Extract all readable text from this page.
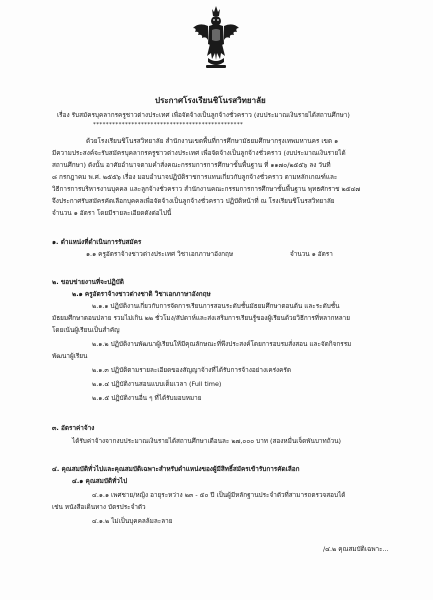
ประกาศโรงเรียนชิโนรสวิทยาลัย
เรื่อง รับสมัครบุคลากรครูชาวต่างประเทศ เพื่อจัดจ้างเป็นลูกจ้างชั่วคราว (งบประมาณเงินรายได้สถานศึกษา)
***********************************************
ด้วยโรงเรียนชิโนรสวิทยาลัย สำนักงานเขตพื้นที่การศึกษามัธยมศึกษากรุงเทพมหานคร เขต ๑
มีความประสงค์จะรับสมัครบุคลากรครูชาวต่างประเทศ เพื่อจัดจ้างเป็นลูกจ้างชั่วคราว (งบประมาณเงินรายได้
สถานศึกษา) ดังนั้น อาศัยอำนาจตามคำสั่งคณะกรรมการการศึกษาขั้นพื้นฐาน ที่ ๑๑๗๐/๒๕๕๖ ลง วันที่
๘ กรกฎาคม พ.ศ. ๒๕๕๖ เรื่อง มอบอำนาจปฏิบัติราชการแทนเกี่ยวกับลูกจ้างชั่วคราว ตามหลักเกณฑ์และ
วิธีการการบริหารงานบุคคล และลูกจ้างชั่วคราว สำนักงานคณะกรรมการการศึกษาขั้นพื้นฐาน พุทธศักราช ๒๕๔๗
จึงประกาศรับสมัครคัดเลือกบุคคลเพื่อจัดจ้างเป็นลูกจ้างชั่วคราว ปฏิบัติหน้าที่ ณ โรงเรียนชิโนรสวิทยาลัย
จำนวน ๑ อัตรา โดยมีรายละเอียดดังต่อไปนี้
๑. ตำแหน่งที่ดำเนินการรับสมัคร
๑.๑ ครูอัตราจ้างชาวต่างประเทศ วิชาเอกภาษาอังกฤษ	จำนวน ๑ อัตรา
๒. ขอบข่ายงานที่จะปฏิบัติ
๒.๑ ครูอัตราจ้างชาวต่างชาติ วิชาเอกภาษาอังกฤษ
๒.๑.๑ ปฏิบัติงานเกี่ยวกับการจัดการเรียนการสอนระดับชั้นมัธยมศึกษาตอนต้น และระดับชั้น
มัธยมศึกษาตอนปลาย รวมไม่เกิน ๒๒ ชั่วโมง/สัปดาห์และส่งเสริมการเรียนรู้ของผู้เรียนด้วยวิธีการที่หลากหลาย
โดยเน้นผู้เรียนเป็นสำคัญ
๒.๑.๒ ปฏิบัติงานพัฒนาผู้เรียนให้มีคุณลักษณะที่พึงประสงค์โดยการอบรมสั่งสอน และจัดกิจกรรม
พัฒนาผู้เรียน
๒.๑.๓ ปฏิบัติตามรายละเอียดของสัญญาจ้างที่ได้รับการจ้างอย่างเคร่งครัด
๒.๑.๔ ปฏิบัติงานสอนแบบเต็มเวลา (Full time)
๒.๑.๕ ปฏิบัติงานอื่น ๆ ที่ได้รับมอบหมาย
๓. อัตราค่าจ้าง
ได้รับค่าจ้างจากงบประมาณเงินรายได้สถานศึกษาเดือนละ ๒๗,๐๐๐ บาท (สองหมื่นเจ็ดพันบาทถ้วน)
๔. คุณสมบัติทั่วไปและคุณสมบัติเฉพาะสำหรับตำแหน่งของผู้มีสิทธิ์สมัครเข้ารับการคัดเลือก
๔.๑ คุณสมบัติทั่วไป
๔.๑.๑ เพศชาย/หญิง อายุระหว่าง ๒๓ - ๕๐ ปี เป็นผู้มีหลักฐานประจำตัวที่สามารถตรวจสอบได้
เช่น หนังสือเดินทาง บัตรประจำตัว
๔.๑.๒ ไม่เป็นบุคคลล้มละลาย
/๔.๒ คุณสมบัติเฉพาะ...
